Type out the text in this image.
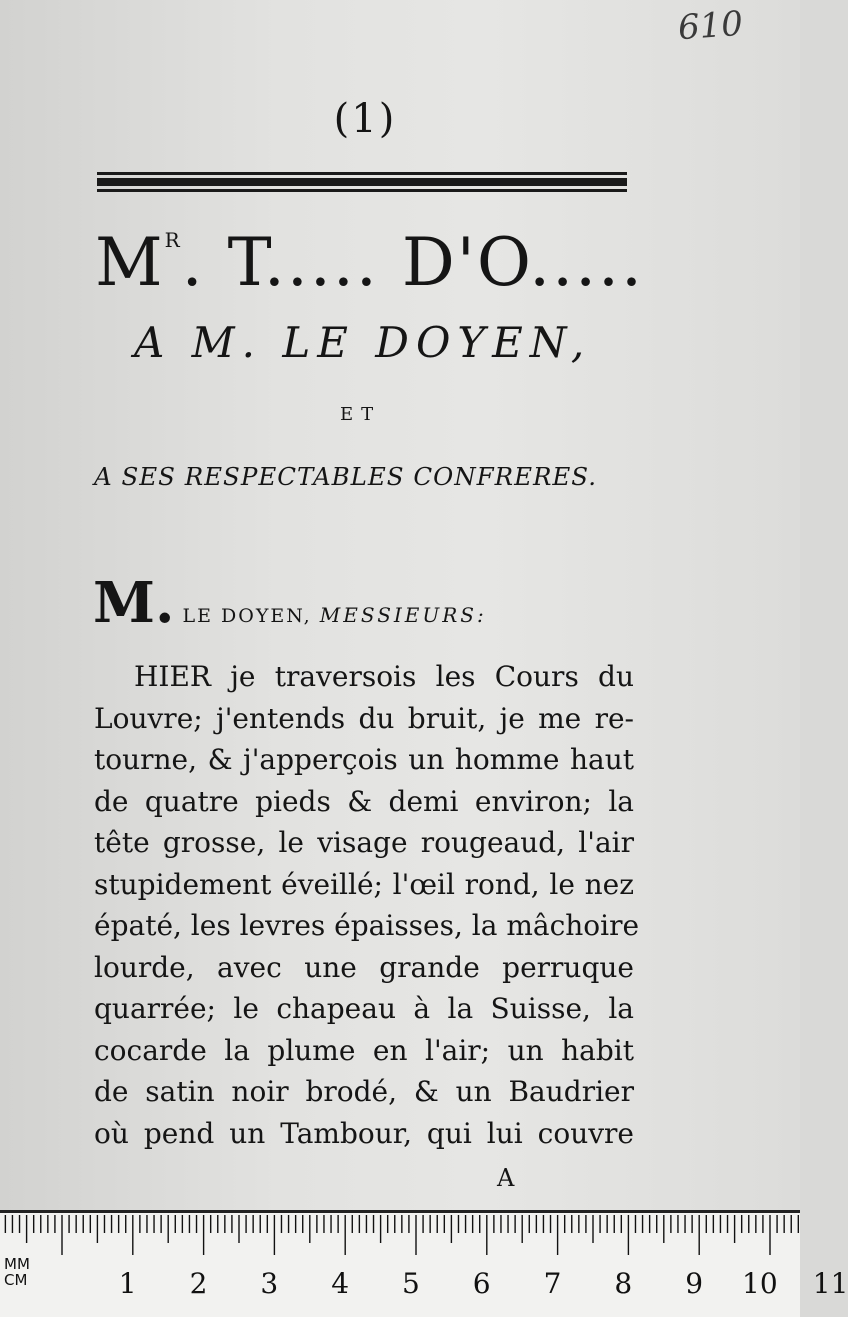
610
(1)
$M^R$. T..... D'O.....
A M. LE DOYEN,
ET
A SES RESPECTABLES CONFRERES.
M. LE DOYEN, MESSIEURS:
HIER je traversois les Cours du
Louvre; j'entends du bruit, je me re-
tourne, & j'apperçois un homme haut
de quatre pieds & demi environ; la
tête grosse, le visage rougeaud, l'air
stupidement éveillé; l'œil rond, le nez
épaté, les levres épaisses, la mâchoire
lourde, avec une grande perruque
quarrée; le chapeau à la Suisse, la
cocarde la plume en l'air; un habit
de satin noir brodé, & un Baudrier
où pend un Tambour, qui lui couvre
A
MM
CM	1 2 3 4 5 6 7 8 9 10 11
